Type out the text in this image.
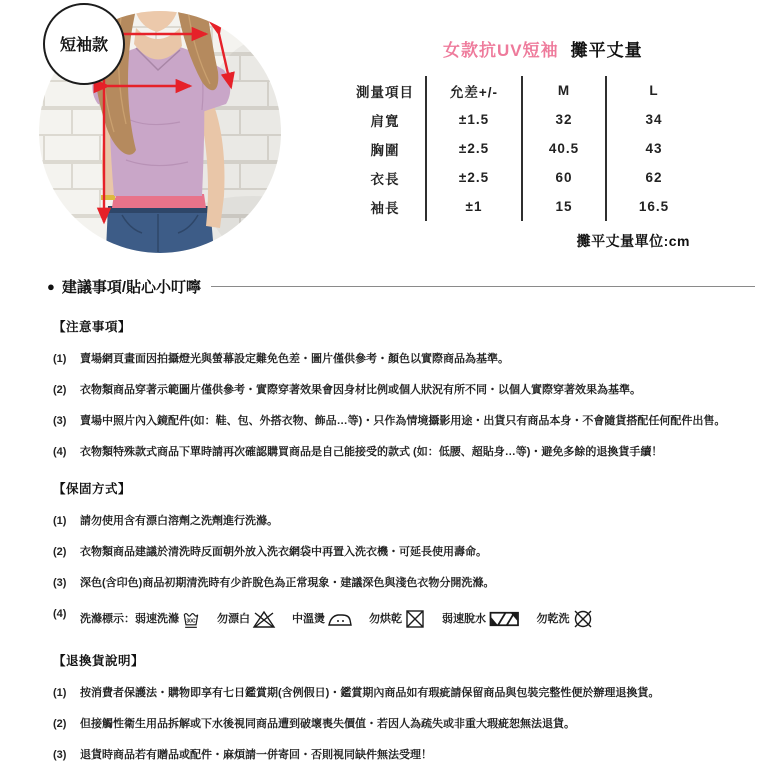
短袖款	女款抗UV短袖 攤平丈量
測量項目	允差+/-	M	L
肩寬	±1.5	32	34
胸圍	±2.5	40.5	43
衣長	±2.5	60	62
袖長	±1	15	16.5
攤平丈量單位:cm
● 建議事項/貼心小叮嚀
【注意事項】
(1)	賣場網頁畫面因拍攝燈光與螢幕設定難免色差・圖片僅供參考・顏色以實際商品為基準。
(2)	衣物類商品穿著示範圖片僅供參考・實際穿著效果會因身材比例或個人狀況有所不同・以個人實際穿著效果為基準。
(3)	賣場中照片內入鏡配件(如：鞋、包、外搭衣物、飾品…等)・只作為情境攝影用途・出貨只有商品本身・不會隨貨搭配任何配件出售。
(4)	衣物類特殊款式商品下單時請再次確認購買商品是自己能接受的款式 (如：低腰、超貼身…等)・避免多餘的退換貨手續！
【保固方式】
(1)	請勿使用含有漂白溶劑之洗劑進行洗滌。
(2)	衣物類商品建議於清洗時反面朝外放入洗衣網袋中再置入洗衣機・可延長使用壽命。
(3)	深色(含印色)商品初期清洗時有少許脫色為正常現象・建議深色與淺色衣物分開洗滌。
(4)	洗滌標示： 弱速洗滌 30C 勿漂白	中溫燙	勿烘乾	弱速脫水	勿乾洗
【退換貨說明】
(1)	按消費者保護法・購物即享有七日鑑賞期(含例假日)・鑑賞期內商品如有瑕疵請保留商品與包裝完整性便於辦理退換貨。
(2)	但接觸性衛生用品拆解或下水後視同商品遭到破壞喪失價值・若因人為疏失或非重大瑕疵恕無法退貨。
(3)	退貨時商品若有贈品或配件・麻煩請一併寄回・否則視同缺件無法受理！
